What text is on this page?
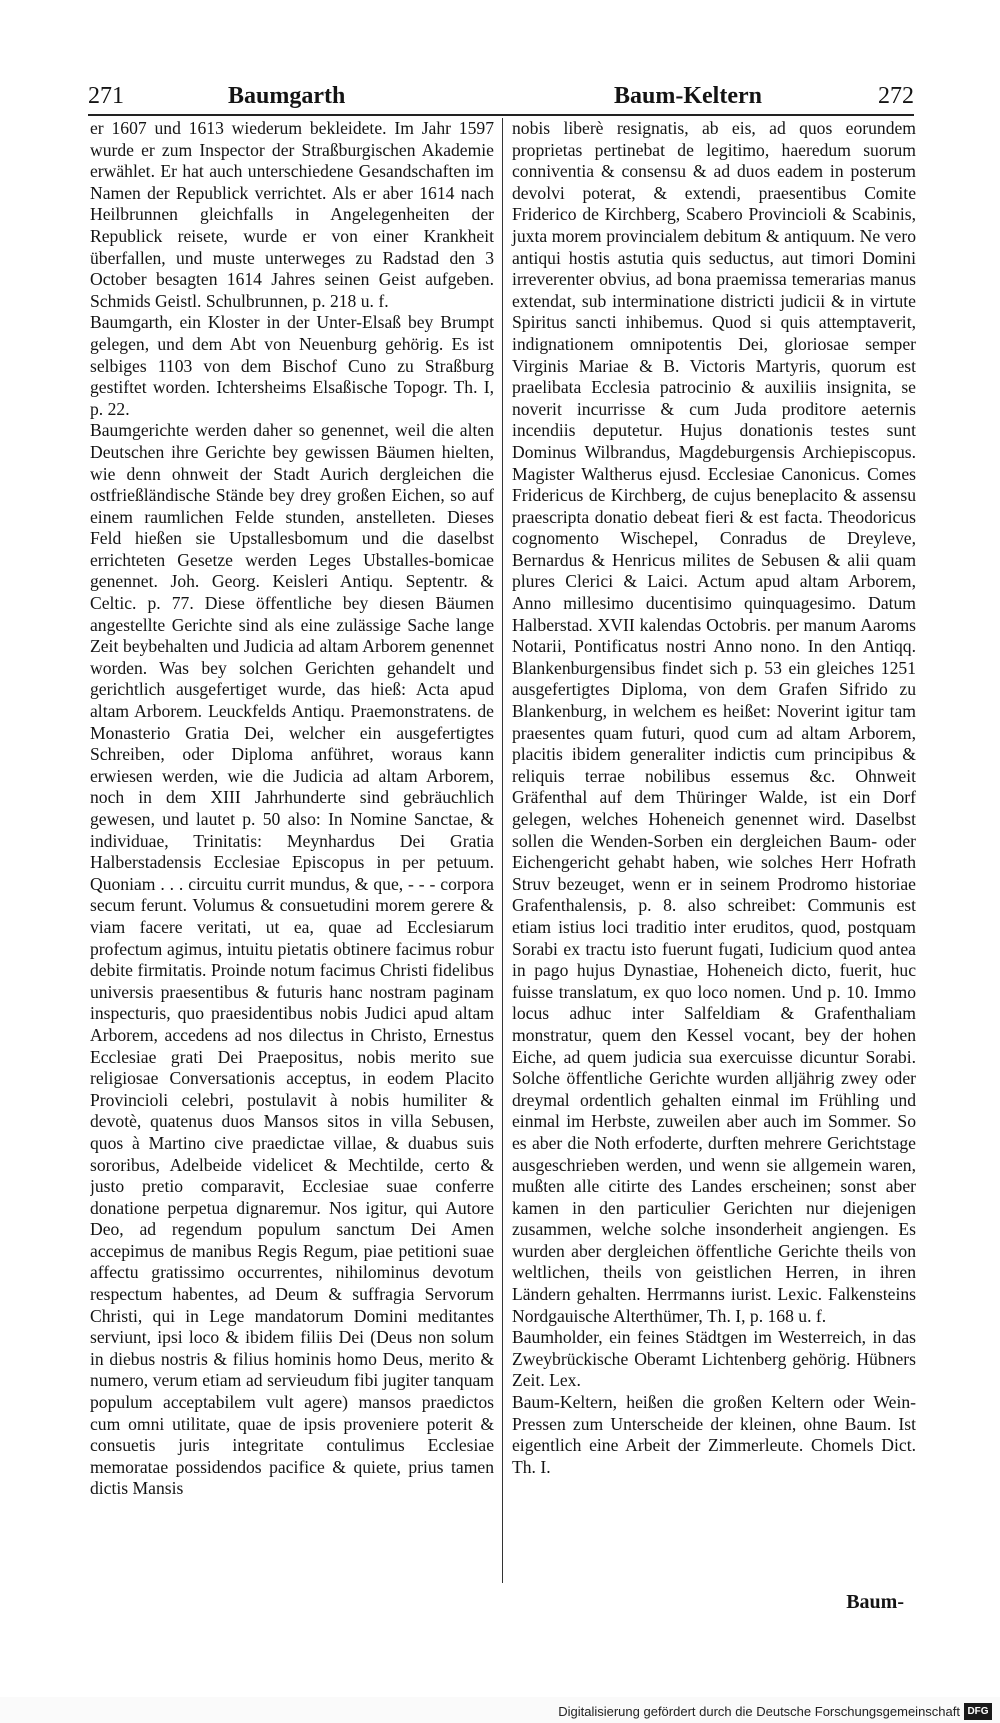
271	Baumgarth	Baum-Keltern	272

er 1607 und 1613 wiederum bekleidete. Im Jahr 1597 wurde er zum Inspector der Straßburgischen Akademie erwählet. Er hat auch unterschiedene Gesandschaften im Namen der Republick verrichtet. Als er aber 1614 nach Heilbrunnen gleichfalls in Angelegenheiten der Republick reisete, wurde er von einer Krankheit überfallen, und muste unterweges zu Radstad den 3 October besagten 1614 Jahres seinen Geist aufgeben. Schmids Geistl. Schulbrunnen, p. 218 u. f.

Baumgarth, ein Kloster in der Unter-Elsaß bey Brumpt gelegen, und dem Abt von Neuenburg gehörig. Es ist selbiges 1103 von dem Bischof Cuno zu Straßburg gestiftet worden. Ichtersheims Elsaßische Topogr. Th. I, p. 22.

Baumgerichte werden daher so genennet, weil die alten Deutschen ihre Gerichte bey gewissen Bäumen hielten, wie denn ohnweit der Stadt Aurich dergleichen die ostfrießländische Stände bey drey großen Eichen, so auf einem raumlichen Felde stunden, anstelleten. Dieses Feld hießen sie Upstallesbomum und die daselbst errichteten Gesetze werden Leges Ubstalles-bomicae genennet. Joh. Georg. Keisleri Antiqu. Septentr. & Celtic. p. 77. Diese öffentliche bey diesen Bäumen angestellte Gerichte sind als eine zulässige Sache lange Zeit beybehalten und Judicia ad altam Arborem genennet worden. Was bey solchen Gerichten gehandelt und gerichtlich ausgefertiget wurde, das hieß: Acta apud altam Arborem. Leuckfelds Antiqu. Praemonstratens. de Monasterio Gratia Dei, welcher ein ausgefertigtes Schreiben, oder Diploma anführet, woraus kann erwiesen werden, wie die Judicia ad altam Arborem, noch in dem XIII Jahrhunderte sind gebräuchlich gewesen, und lautet p. 50 also: In Nomine Sanctae, & individuae, Trinitatis: Meynhardus Dei Gratia Halberstadensis Ecclesiae Episcopus in per petuum. Quoniam . . . circuitu currit mundus, & que, - - - corpora secum ferunt. Volumus & consuetudini morem gerere & viam facere veritati, ut ea, quae ad Ecclesiarum profectum agimus, intuitu pietatis obtinere facimus robur debite firmitatis. Proinde notum facimus Christi fidelibus universis praesentibus & futuris hanc nostram paginam inspecturis, quo praesidentibus nobis Judici apud altam Arborem, accedens ad nos dilectus in Christo, Ernestus Ecclesiae grati Dei Praepositus, nobis merito sue religiosae Conversationis acceptus, in eodem Placito Provincioli celebri, postulavit à nobis humiliter & devotè, quatenus duos Mansos sitos in villa Sebusen, quos à Martino cive praedictae villae, & duabus suis sororibus, Adelbeide videlicet & Mechtilde, certo & justo pretio comparavit, Ecclesiae suae conferre donatione perpetua dignaremur. Nos igitur, qui Autore Deo, ad regendum populum sanctum Dei Amen accepimus de manibus Regis Regum, piae petitioni suae affectu gratissimo occurrentes, nihilominus devotum respectum habentes, ad Deum & suffragia Servorum Christi, qui in Lege mandatorum Domini meditantes serviunt, ipsi loco & ibidem filiis Dei (Deus non solum in diebus nostris & filius hominis homo Deus, merito & numero, verum etiam ad servieudum fibi jugiter tanquam populum acceptabilem vult agere) mansos praedictos cum omni utilitate, quae de ipsis proveniere poterit & consuetis juris integritate contulimus Ecclesiae memoratae possidendos pacifice & quiete, prius tamen dictis Mansis

nobis liberè resignatis, ab eis, ad quos eorundem proprietas pertinebat de legitimo, haeredum suorum conniventia & consensu & ad duos eadem in posterum devolvi poterat, & extendi, praesentibus Comite Friderico de Kirchberg, Scabero Provincioli & Scabinis, juxta morem provincialem debitum & antiquum. Ne vero antiqui hostis astutia quis seductus, aut timori Domini irreverenter obvius, ad bona praemissa temerarias manus extendat, sub interminatione districti judicii & in virtute Spiritus sancti inhibemus. Quod si quis attemptaverit, indignationem omnipotentis Dei, gloriosae semper Virginis Mariae & B. Victoris Martyris, quorum est praelibata Ecclesia patrocinio & auxiliis insignita, se noverit incurrisse & cum Juda proditore aeternis incendiis deputetur. Hujus donationis testes sunt Dominus Wilbrandus, Magdeburgensis Archiepiscopus. Magister Waltherus ejusd. Ecclesiae Canonicus. Comes Fridericus de Kirchberg, de cujus beneplacito & assensu praescripta donatio debeat fieri & est facta. Theodoricus cognomento Wischepel, Conradus de Dreyleve, Bernardus & Henricus milites de Sebusen & alii quam plures Clerici & Laici. Actum apud altam Arborem, Anno millesimo ducentisimo quinquagesimo. Datum Halberstad. XVII kalendas Octobris. per manum Aaroms Notarii, Pontificatus nostri Anno nono. In den Antiqq. Blankenburgensibus findet sich p. 53 ein gleiches 1251 ausgefertigtes Diploma, von dem Grafen Sifrido zu Blankenburg, in welchem es heißet: Noverint igitur tam praesentes quam futuri, quod cum ad altam Arborem, placitis ibidem generaliter indictis cum principibus & reliquis terrae nobilibus essemus &c. Ohnweit Gräfenthal auf dem Thüringer Walde, ist ein Dorf gelegen, welches Hoheneich genennet wird. Daselbst sollen die Wenden-Sorben ein dergleichen Baum- oder Eichengericht gehabt haben, wie solches Herr Hofrath Struv bezeuget, wenn er in seinem Prodromo historiae Grafenthalensis, p. 8. also schreibet: Communis est etiam istius loci traditio inter eruditos, quod, postquam Sorabi ex tractu isto fuerunt fugati, Iudicium quod antea in pago hujus Dynastiae, Hoheneich dicto, fuerit, huc fuisse translatum, ex quo loco nomen. Und p. 10. Immo locus adhuc inter Salfeldiam & Grafenthaliam monstratur, quem den Kessel vocant, bey der hohen Eiche, ad quem judicia sua exercuisse dicuntur Sorabi. Solche öffentliche Gerichte wurden alljährig zwey oder dreymal ordentlich gehalten einmal im Frühling und einmal im Herbste, zuweilen aber auch im Sommer. So es aber die Noth erfoderte, durften mehrere Gerichtstage ausgeschrieben werden, und wenn sie allgemein waren, mußten alle citirte des Landes erscheinen; sonst aber kamen in den particulier Gerichten nur diejenigen zusammen, welche solche insonderheit angiengen. Es wurden aber dergleichen öffentliche Gerichte theils von weltlichen, theils von geistlichen Herren, in ihren Ländern gehalten. Herrmanns iurist. Lexic. Falkensteins Nordgauische Alterthümer, Th. I, p. 168 u. f.

Baumholder, ein feines Städtgen im Westerreich, in das Zweybrückische Oberamt Lichtenberg gehörig. Hübners Zeit. Lex.

Baum-Keltern, heißen die großen Keltern oder Wein-Pressen zum Unterscheide der kleinen, ohne Baum. Ist eigentlich eine Arbeit der Zimmerleute. Chomels Dict. Th. I.

Baum-
Digitalisierung gefördert durch die Deutsche Forschungsgemeinschaft DFG
